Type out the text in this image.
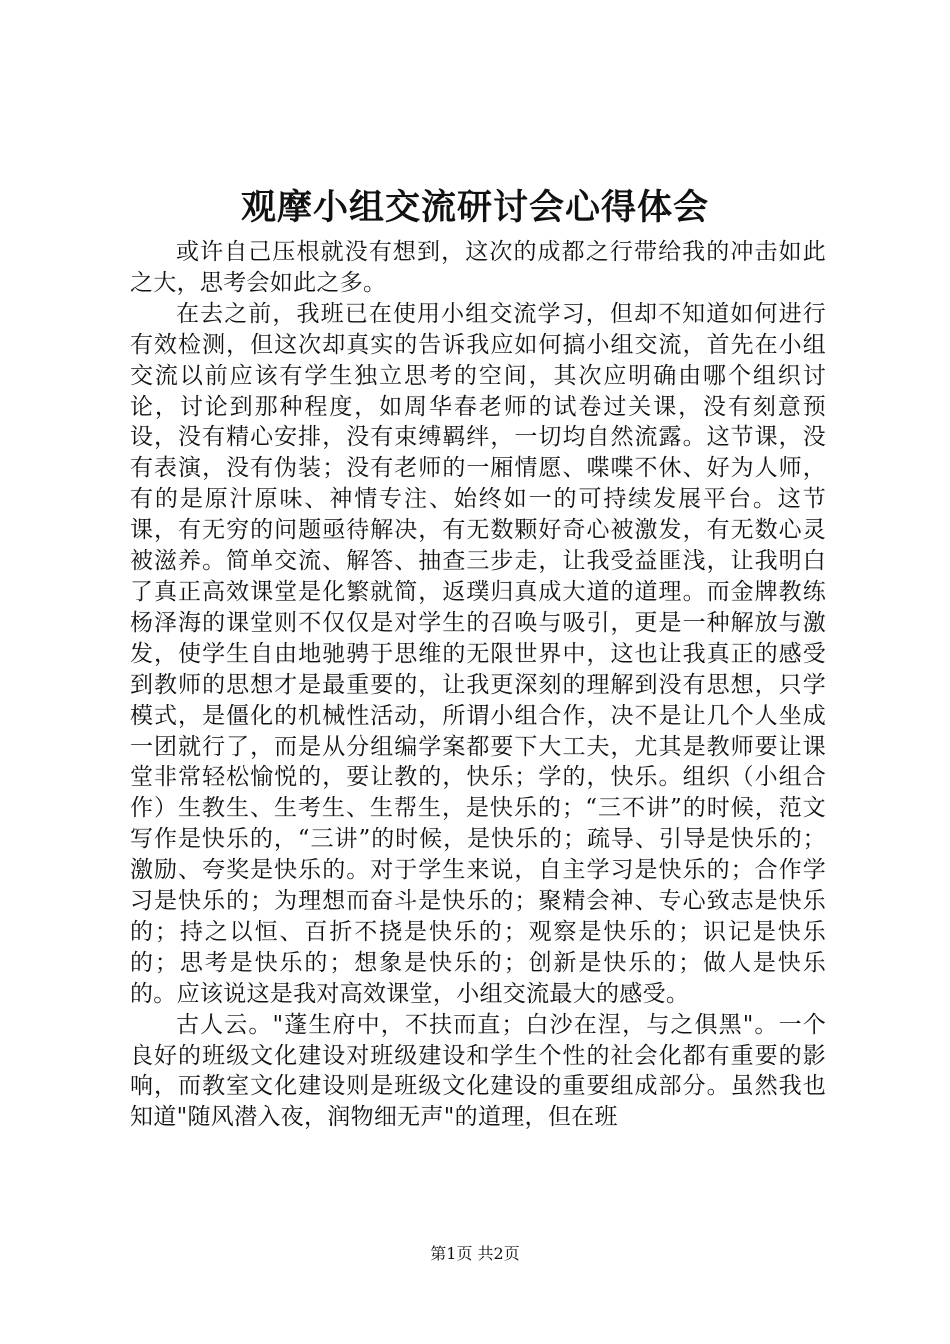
观摩小组交流研讨会心得体会

或许自己压根就没有想到，这次的成都之行带给我的冲击如此之大，思考会如此之多。

在去之前，我班已在使用小组交流学习，但却不知道如何进行有效检测，但这次却真实的告诉我应如何搞小组交流，首先在小组交流以前应该有学生独立思考的空间，其次应明确由哪个组织讨论，讨论到那种程度，如周华春老师的试卷过关课，没有刻意预设，没有精心安排，没有束缚羁绊，一切均自然流露。这节课，没有表演，没有伪装；没有老师的一厢情愿、喋喋不休、好为人师，有的是原汁原味、神情专注、始终如一的可持续发展平台。这节课，有无穷的问题亟待解决，有无数颗好奇心被激发，有无数心灵被滋养。简单交流、解答、抽查三步走，让我受益匪浅，让我明白了真正高效课堂是化繁就简，返璞归真成大道的道理。而金牌教练杨泽海的课堂则不仅仅是对学生的召唤与吸引，更是一种解放与激发，使学生自由地驰骋于思维的无限世界中，这也让我真正的感受到教师的思想才是最重要的，让我更深刻的理解到没有思想，只学模式，是僵化的机械性活动，所谓小组合作，决不是让几个人坐成一团就行了，而是从分组编学案都要下大工夫，尤其是教师要让课堂非常轻松愉悦的，要让教的，快乐；学的，快乐。组织（小组合作）生教生、生考生、生帮生，是快乐的；“三不讲”的时候，范文写作是快乐的，“三讲”的时候，是快乐的；疏导、引导是快乐的；激励、夸奖是快乐的。对于学生来说，自主学习是快乐的；合作学习是快乐的；为理想而奋斗是快乐的；聚精会神、专心致志是快乐的；持之以恒、百折不挠是快乐的；观察是快乐的；识记是快乐的；思考是快乐的；想象是快乐的；创新是快乐的；做人是快乐的。应该说这是我对高效课堂，小组交流最大的感受。

古人云。"蓬生府中，不扶而直；白沙在涅，与之俱黑"。一个良好的班级文化建设对班级建设和学生个性的社会化都有重要的影响，而教室文化建设则是班级文化建设的重要组成部分。虽然我也知道"随风潜入夜，润物细无声"的道理，但在班

第1页 共2页
